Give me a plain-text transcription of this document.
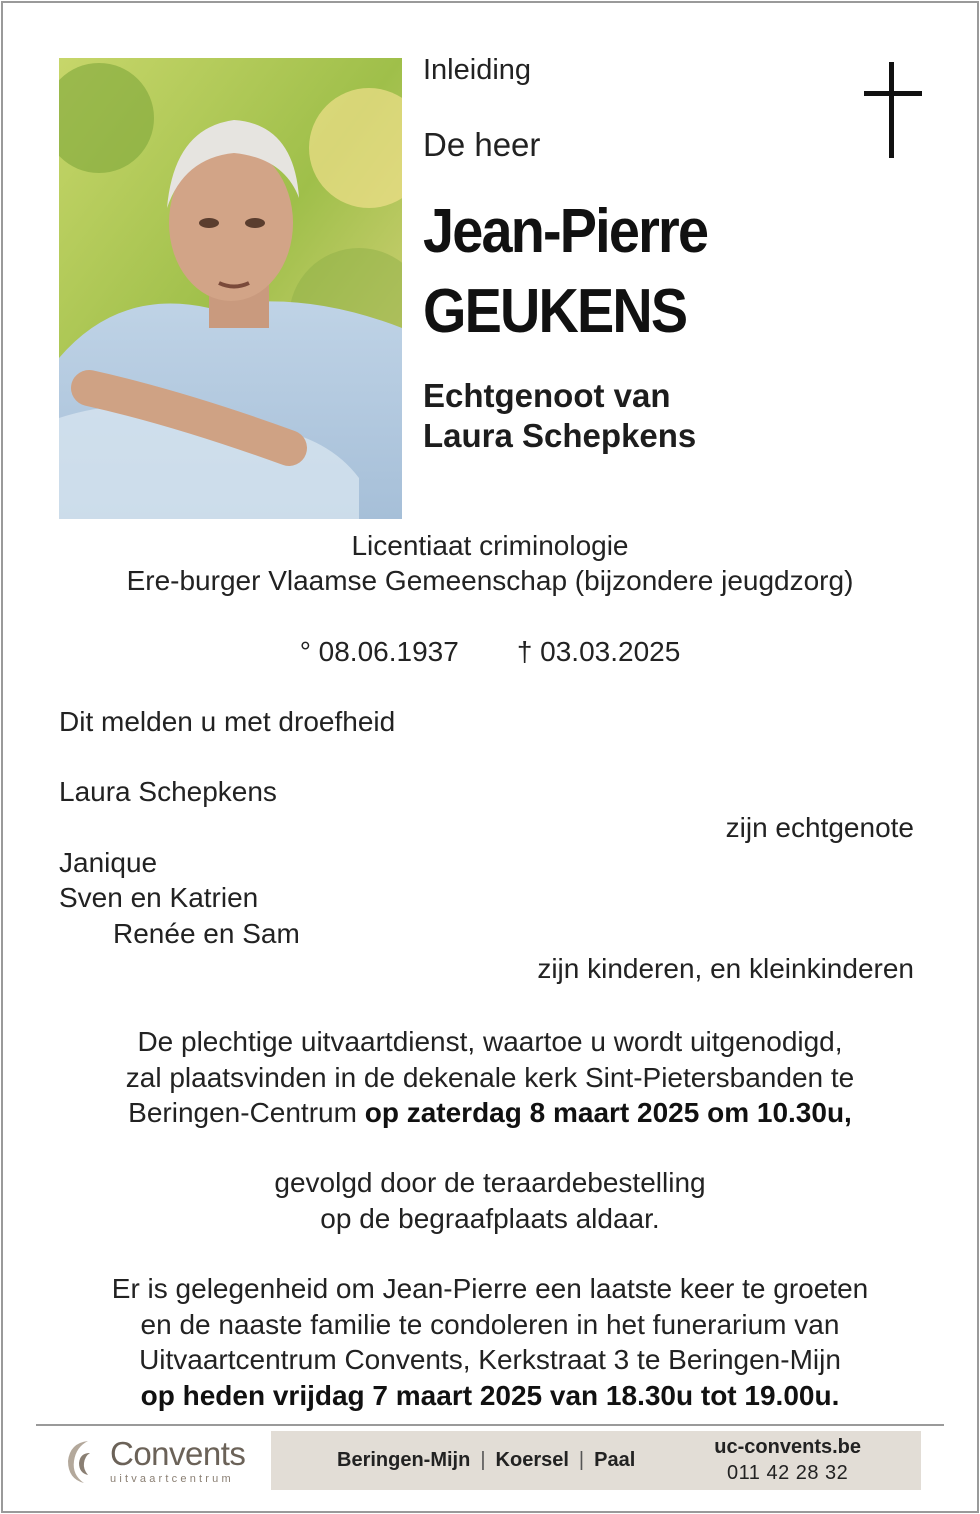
Inleiding
De heer
Jean-Pierre
GEUKENS
Echtgenoot van
Laura Schepkens
Licentiaat criminologie
Ere-burger Vlaamse Gemeenschap (bijzondere jeugdzorg)
° 08.06.1937 † 03.03.2025
Dit melden u met droefheid
Laura Schepkens
zijn echtgenote
Janique
Sven en Katrien
Renée en Sam
zijn kinderen, en kleinkinderen
De plechtige uitvaartdienst, waartoe u wordt uitgenodigd,
zal plaatsvinden in de dekenale kerk Sint-Pietersbanden te
Beringen-Centrum op zaterdag 8 maart 2025 om 10.30u,
gevolgd door de teraardebestelling
op de begraafplaats aldaar.
Er is gelegenheid om Jean-Pierre een laatste keer te groeten
en de naaste familie te condoleren in het funerarium van
Uitvaartcentrum Convents, Kerkstraat 3 te Beringen-Mijn
op heden vrijdag 7 maart 2025 van 18.30u tot 19.00u.
Convents
uitvaartcentrum
Beringen-Mijn | Koersel | Paal
uc-convents.be
011 42 28 32
